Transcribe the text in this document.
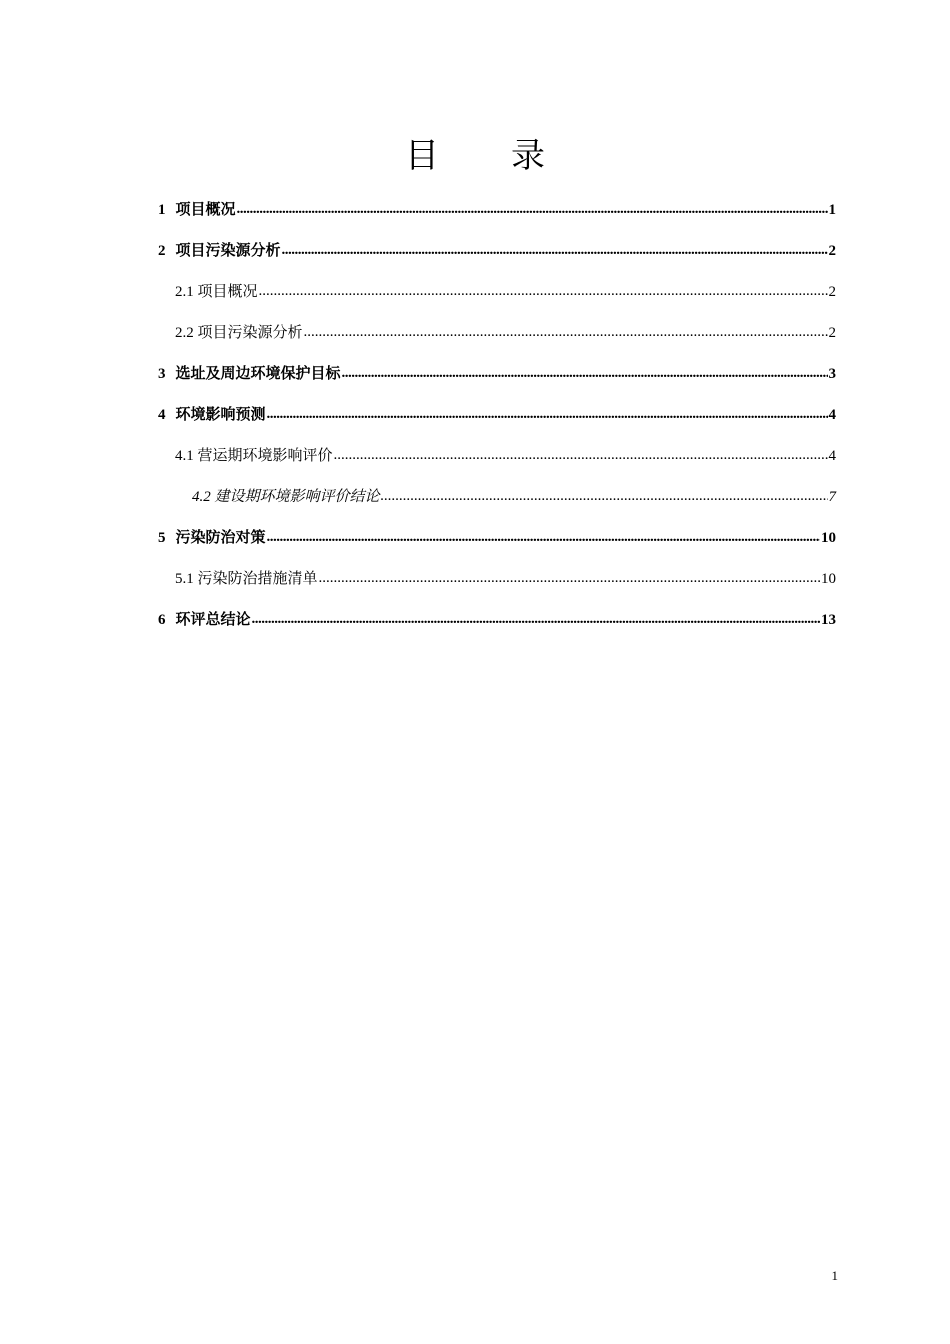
目 录
1 项目概况 .....	1
2 项目污染源分析 .....	2
2.1 项目概况 .....	2
2.2 项目污染源分析 .....	2
3 选址及周边环境保护目标 .....	3
4 环境影响预测 .....	4
4.1 营运期环境影响评价 .....	4
4.2 建设期环境影响评价结论 .....	7
5 污染防治对策 .....	10
5.1 污染防治措施清单 .....	10
6 环评总结论 .....	13
1
